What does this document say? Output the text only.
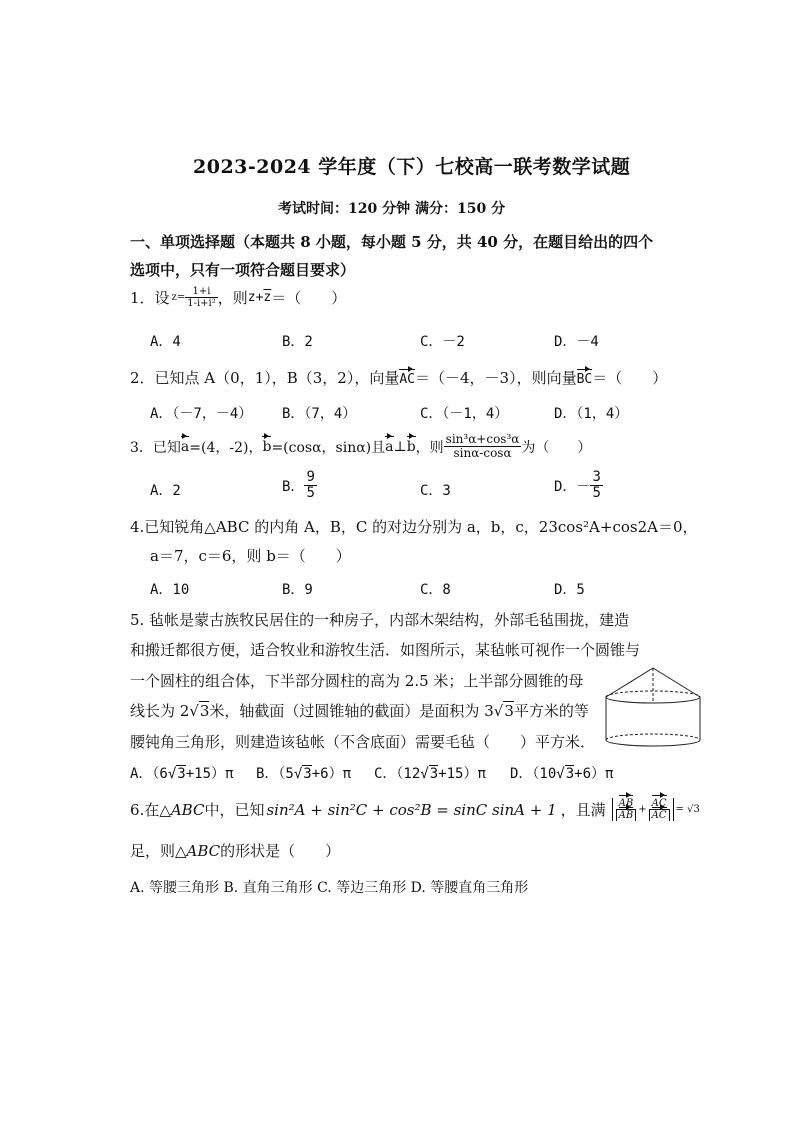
2023-2024 学年度（下）七校高一联考数学试题
考试时间：120 分钟 满分：150 分
一、单项选择题（本题共 8 小题，每小题 5 分，共 40 分，在题目给出的四个
选项中，只有一项符合题目要求）
1．设 $z= \frac{1+i}{\text{1-i+i²}}$ ，则 $z+ \overline{z}$ ＝（　　）
A．4	B．2	C．－2	D．－4
2．已知点 A（0，1），B（3，2），向量AC＝（－4，－3），则向量BC＝（　　）
A．（－7，－4） B．（7，4）	C．（－1，4）	D．（1，4）
3．已知 a =(4，-2)， b =(cosα，sinα)且 a ⊥ b ，则 $\frac{\text{sin³α+cos³α}}{\sin\alpha-\cos\alpha}$ 为（　　）
A．2	B． $\frac{9}{5}$	C．3	D．－ $\frac{3}{5}$
4.已知锐角△ABC 的内角 A，B，C 的对边分别为 a，b，c，23cos²A+cos2A＝0，
a＝7，c＝6，则 b＝（　　）
A．10	B．9	C．8	D．5
5. 毡帐是蒙古族牧民居住的一种房子，内部木架结构，外部毛毡围拢，建造
和搬迁都很方便，适合牧业和游牧生活．如图所示，某毡帐可视作一个圆锥与
一个圆柱的组合体，下半部分圆柱的高为 2.5 米；上半部分圆锥的母
线长为 2√3米，轴截面（过圆锥轴的截面）是面积为 3√3平方米的等
腰钝角三角形，则建造该毡帐（不含底面）需要毛毡（　　）平方米．
A．（6√3+15）π B．（5√3+6）π C．（12√3+15）π D．（10√3+6）π
6.在 △ABC 中，已知 sin²A + sin²C + cos²B = sinC sinA + 1 ，且满 $\frac{AB}{AB} + \frac{AC}{AC} = √3$
足，则△ABC的形状是（　　）
A. 等腰三角形 B. 直角三角形 C. 等边三角形 D. 等腰直角三角形
